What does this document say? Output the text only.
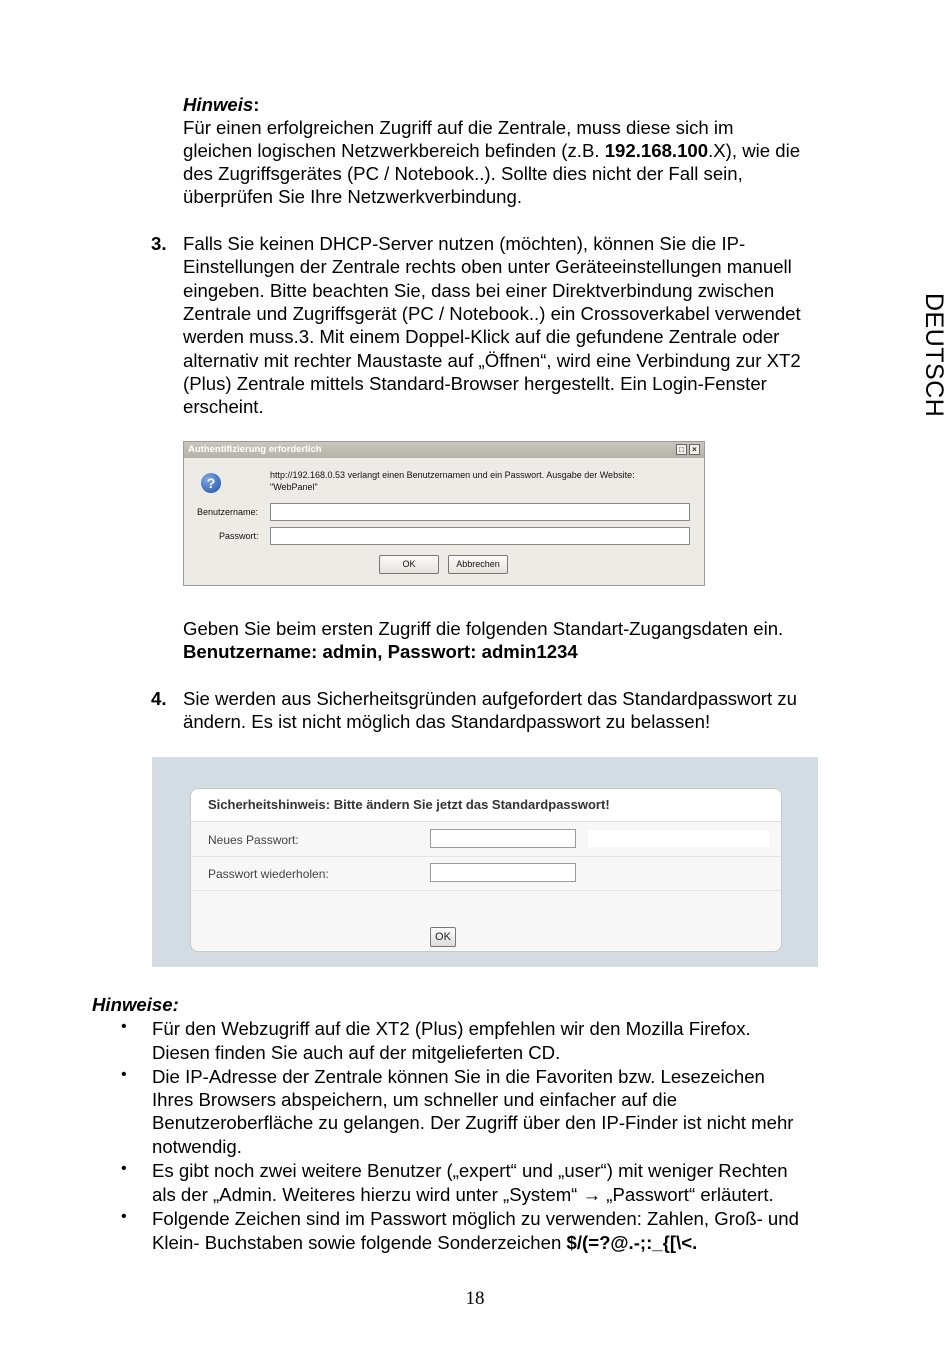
DEUTSCH
Hinweis:
Für einen erfolgreichen Zugriff auf die Zentrale, muss diese sich im
gleichen logischen Netzwerkbereich befinden (z.B. 192.168.100.X), wie die
des Zugriffsgerätes (PC / Notebook..). Sollte dies nicht der Fall sein,
überprüfen Sie Ihre Netzwerkverbindung.
3. Falls Sie keinen DHCP-Server nutzen (möchten), können Sie die IP-
Einstellungen der Zentrale rechts oben unter Geräteeinstellungen manuell
eingeben. Bitte beachten Sie, dass bei einer Direktverbindung zwischen
Zentrale und Zugriffsgerät (PC / Notebook..) ein Crossoverkabel verwendet
werden muss.3. Mit einem Doppel-Klick auf die gefundene Zentrale oder
alternativ mit rechter Maustaste auf „Öffnen“, wird eine Verbindung zur XT2
(Plus) Zentrale mittels Standard-Browser hergestellt. Ein Login-Fenster
erscheint.
Authentifizierung erforderlich	□	×
?	http://192.168.0.53 verlangt einen Benutzernamen und ein Passwort. Ausgabe der Website:
"WebPanel"
Benutzername:
Passwort:
OK	Abbrechen
Geben Sie beim ersten Zugriff die folgenden Standart-Zugangsdaten ein.
Benutzername: admin, Passwort: admin1234
4. Sie werden aus Sicherheitsgründen aufgefordert das Standardpasswort zu
ändern. Es ist nicht möglich das Standardpasswort zu belassen!
Sicherheitshinweis: Bitte ändern Sie jetzt das Standardpasswort!
Neues Passwort:
Passwort wiederholen:
OK
Hinweise:
• Für den Webzugriff auf die XT2 (Plus) empfehlen wir den Mozilla Firefox.
Diesen finden Sie auch auf der mitgelieferten CD.
• Die IP-Adresse der Zentrale können Sie in die Favoriten bzw. Lesezeichen
Ihres Browsers abspeichern, um schneller und einfacher auf die
Benutzeroberfläche zu gelangen. Der Zugriff über den IP-Finder ist nicht mehr
notwendig.
• Es gibt noch zwei weitere Benutzer („expert“ und „user“) mit weniger Rechten
als der „Admin. Weiteres hierzu wird unter „System“ → „Passwort“ erläutert.
• Folgende Zeichen sind im Passwort möglich zu verwenden: Zahlen, Groß- und
Klein- Buchstaben sowie folgende Sonderzeichen $/(=?@.-;:_{[\<.
18
